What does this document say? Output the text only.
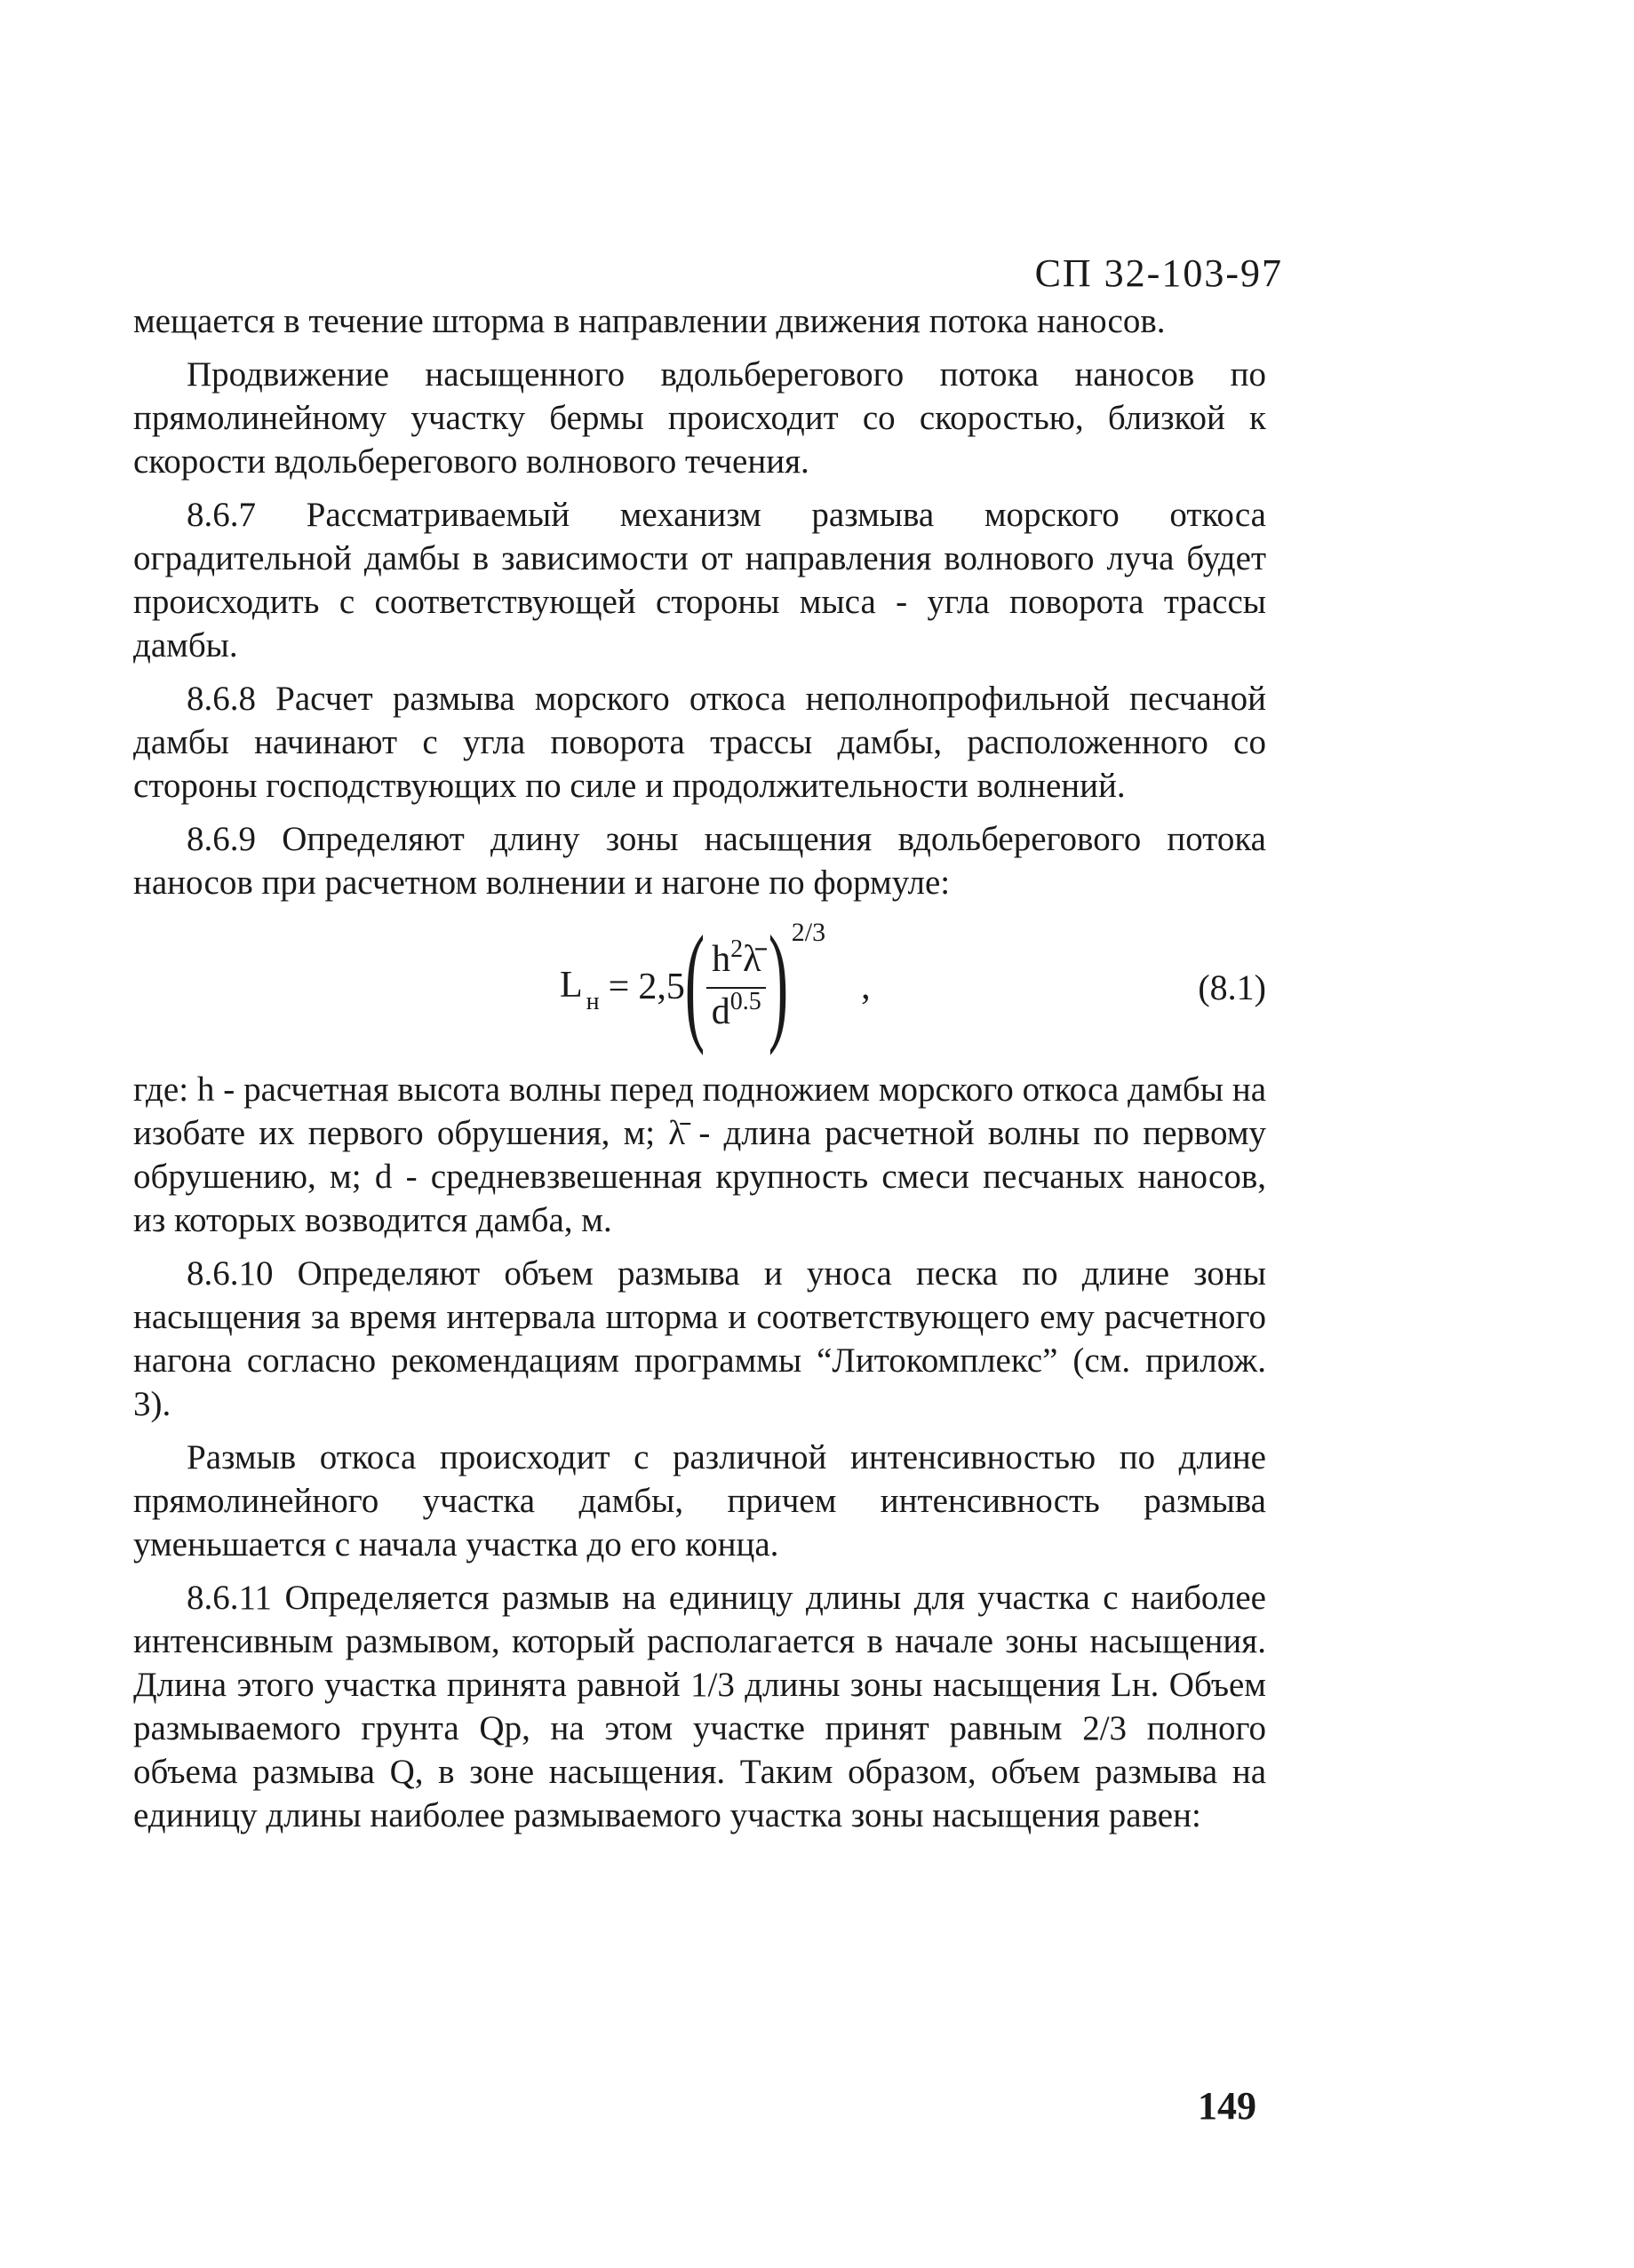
СП 32-103-97

мещается в течение шторма в направлении движения потока наносов.

Продвижение насыщенного вдольберегового потока наносов по прямолинейному участку бермы происходит со скоростью, близкой к скорости вдольберегового волнового течения.

8.6.7 Рассматриваемый механизм размыва морского откоса оградительной дамбы в зависимости от направления волнового луча будет происходить с соответствующей стороны мыса - угла поворота трассы дамбы.

8.6.8 Расчет размыва морского откоса неполнопрофильной песчаной дамбы начинают с угла поворота трассы дамбы, расположенного со стороны господствующих по силе и продолжительности волнений.

8.6.9 Определяют длину зоны насыщения вдольберегового потока наносов при расчетном волнении и нагоне по формуле:

L н = 2,5 ( $\frac{h^2\lambdā}{d^{0.5}}$ ) 2/3
,	(8.1)

где: h - расчетная высота волны перед подножием морского откоса дамбы на изобате их первого обрушения, м; λ̄ - длина расчетной волны по первому обрушению, м; d - средневзвешенная крупность смеси песчаных наносов, из которых возводится дамба, м.

8.6.10 Определяют объем размыва и уноса песка по длине зоны насыщения за время интервала шторма и соответствующего ему расчетного нагона согласно рекомендациям программы “Литокомплекс” (см. прилож. 3).

Размыв откоса происходит с различной интенсивностью по длине прямолинейного участка дамбы, причем интенсивность размыва уменьшается с начала участка до его конца.

8.6.11 Определяется размыв на единицу длины для участка с наиболее интенсивным размывом, который располагается в начале зоны насыщения. Длина этого участка принята равной 1/3 длины зоны насыщения Lн. Объем размываемого грунта Qр, на этом участке принят равным 2/3 полного объема размыва Q, в зоне насыщения. Таким образом, объем размыва на единицу длины наиболее размываемого участка зоны насыщения равен:

149
